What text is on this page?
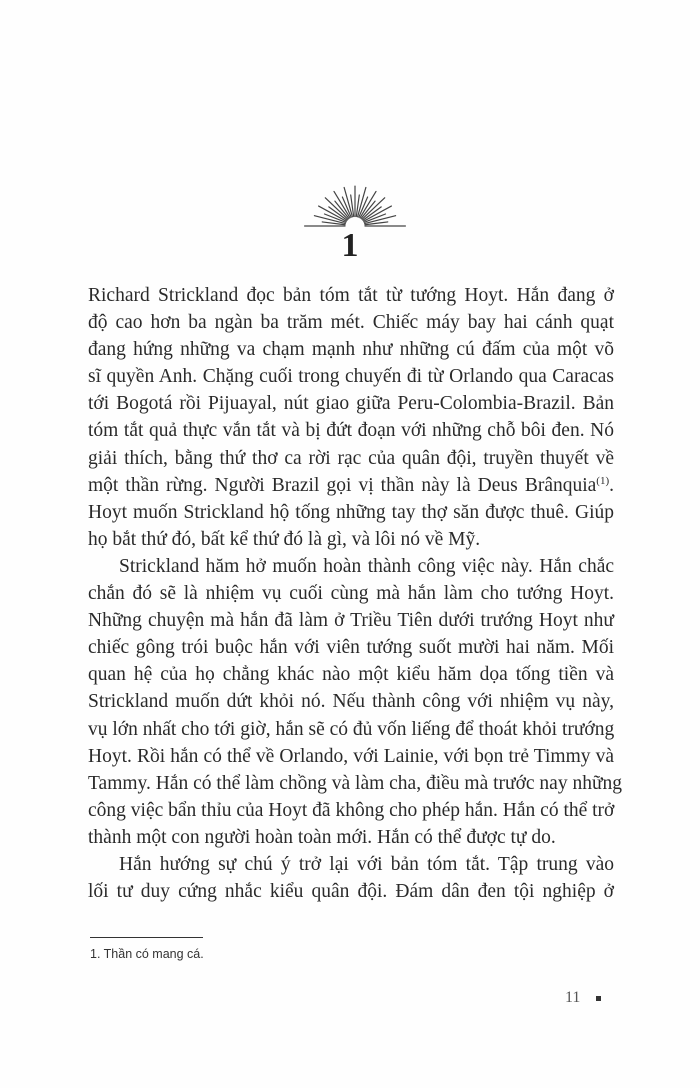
1

Richard Strickland đọc bản tóm tắt từ tướng Hoyt. Hắn đang ở
độ cao hơn ba ngàn ba trăm mét. Chiếc máy bay hai cánh quạt
đang hứng những va chạm mạnh như những cú đấm của một võ
sĩ quyền Anh. Chặng cuối trong chuyến đi từ Orlando qua Caracas
tới Bogotá rồi Pijuayal, nút giao giữa Peru-Colombia-Brazil. Bản
tóm tắt quả thực vắn tắt và bị đứt đoạn với những chỗ bôi đen. Nó
giải thích, bằng thứ thơ ca rời rạc của quân đội, truyền thuyết về
một thần rừng. Người Brazil gọi vị thần này là Deus Brânquia$^{(1)}$.
Hoyt muốn Strickland hộ tống những tay thợ săn được thuê. Giúp
họ bắt thứ đó, bất kể thứ đó là gì, và lôi nó về Mỹ.

Strickland hăm hở muốn hoàn thành công việc này. Hắn chắc
chắn đó sẽ là nhiệm vụ cuối cùng mà hắn làm cho tướng Hoyt.
Những chuyện mà hắn đã làm ở Triều Tiên dưới trướng Hoyt như
chiếc gông trói buộc hắn với viên tướng suốt mười hai năm. Mối
quan hệ của họ chẳng khác nào một kiểu hăm dọa tống tiền và
Strickland muốn dứt khỏi nó. Nếu thành công với nhiệm vụ này,
vụ lớn nhất cho tới giờ, hắn sẽ có đủ vốn liếng để thoát khỏi trướng
Hoyt. Rồi hắn có thể về Orlando, với Lainie, với bọn trẻ Timmy và
Tammy. Hắn có thể làm chồng và làm cha, điều mà trước nay những
công việc bẩn thỉu của Hoyt đã không cho phép hắn. Hắn có thể trở
thành một con người hoàn toàn mới. Hắn có thể được tự do.

Hắn hướng sự chú ý trở lại với bản tóm tắt. Tập trung vào
lối tư duy cứng nhắc kiểu quân đội. Đám dân đen tội nghiệp ở

1. Thần có mang cá.
11
